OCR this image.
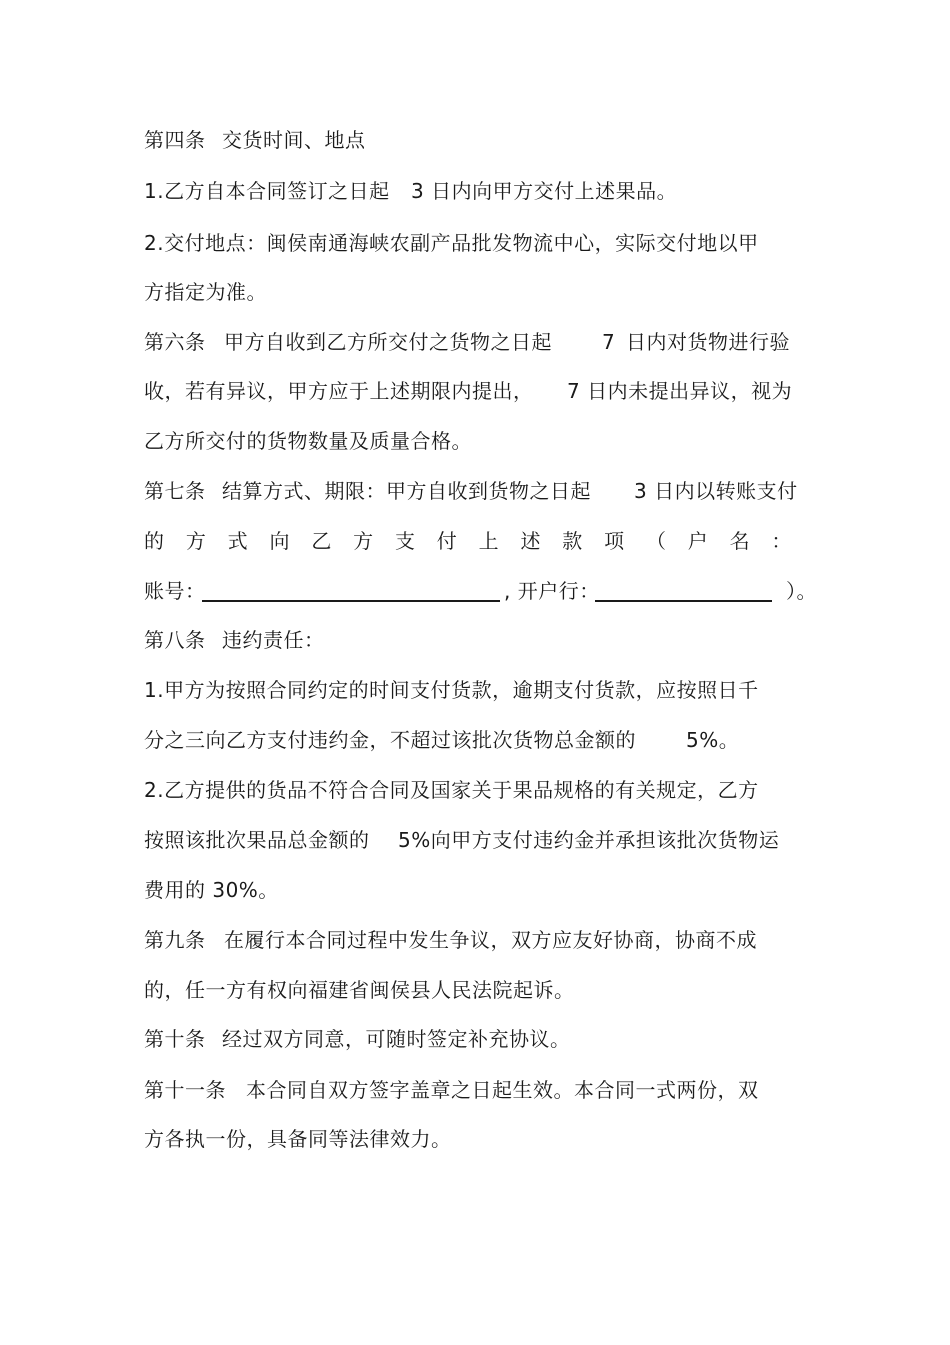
第四条 交货时间、地点
1.乙方自本合同签订之日起 3 日内向甲方交付上述果品。
2.交付地点：闽侯南通海峡农副产品批发物流中心，实际交付地以甲
方指定为准。
第六条 甲方自收到乙方所交付之货物之日起	7 日内对货物进行验
收，若有异议，甲方应于上述期限内提出， 7 日内未提出异议，视为
乙方所交付的货物数量及质量合格。
第七条 结算方式、期限：甲方自收到货物之日起 3 日内以转账支付
的 方 式 向 乙 方 支 付 上 述 款 项 （ 户 名 ：
账号：	, 开户行：	）。
第八条 违约责任：
1.甲方为按照合同约定的时间支付货款，逾期支付货款，应按照日千
分之三向乙方支付违约金，不超过该批次货物总金额的	5%。
2.乙方提供的货品不符合合同及国家关于果品规格的有关规定，乙方
按照该批次果品总金额的 5%向甲方支付违约金并承担该批次货物运
费用的 30%。
第九条 在履行本合同过程中发生争议，双方应友好协商，协商不成
的，任一方有权向福建省闽侯县人民法院起诉。
第十条 经过双方同意，可随时签定补充协议。
第十一条 本合同自双方签字盖章之日起生效。本合同一式两份，双
方各执一份，具备同等法律效力。
